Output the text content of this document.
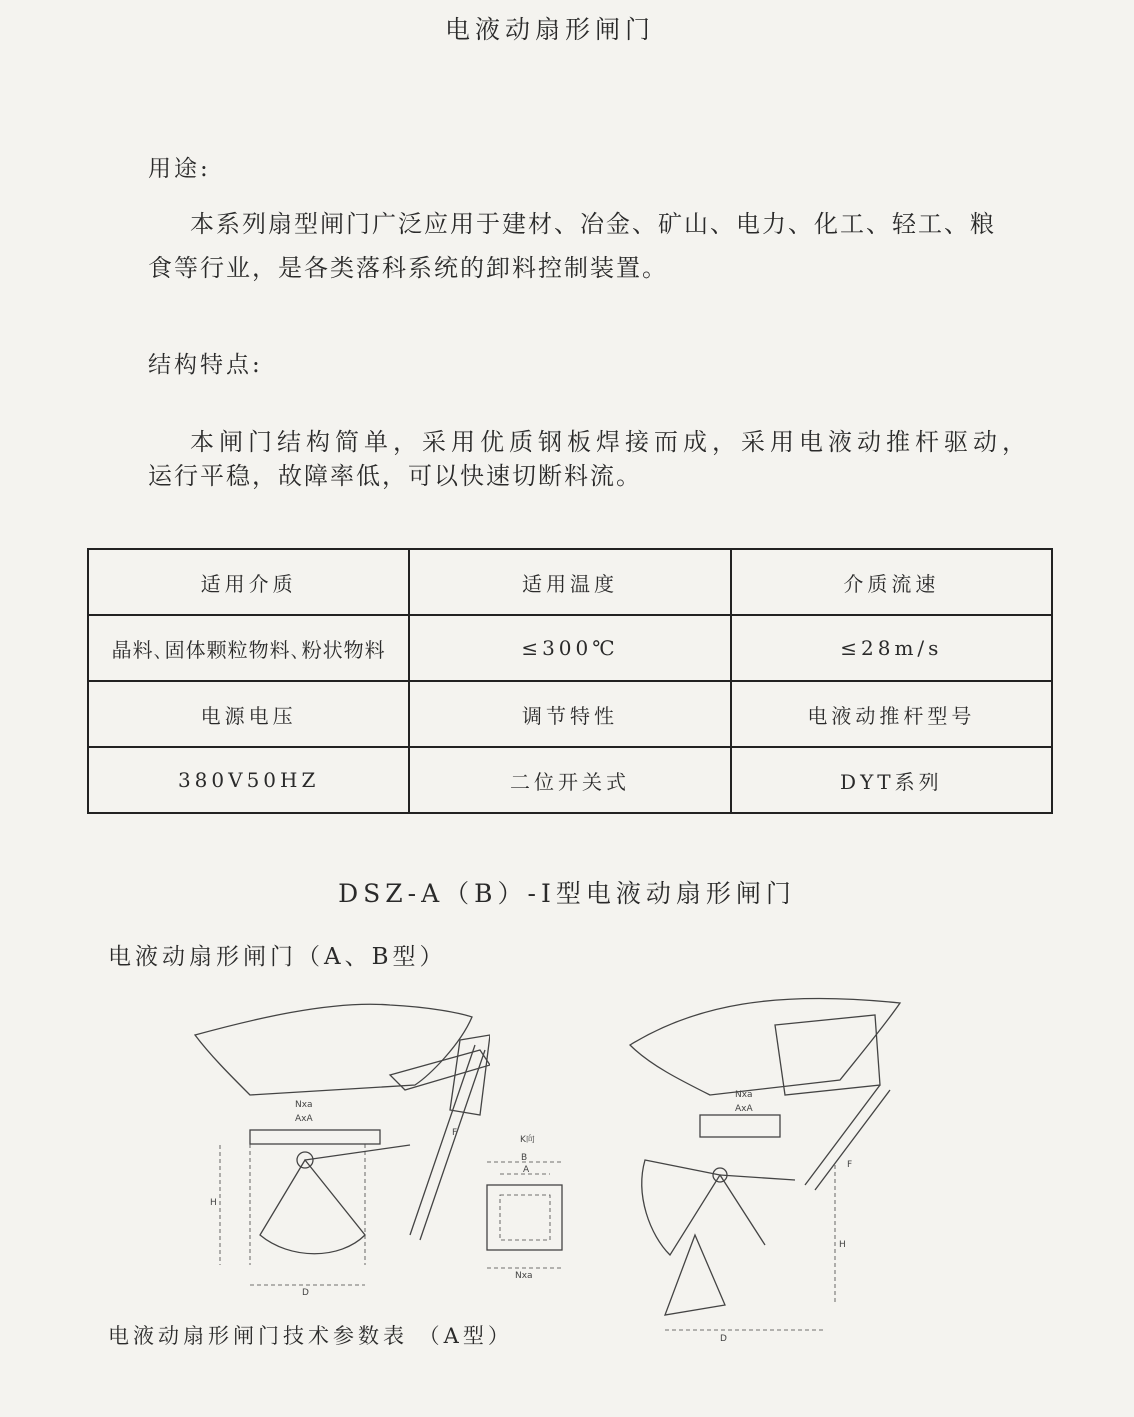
电液动扇形闸门
用途:
本系列扇型闸门广泛应用于建材、冶金、矿山、电力、化工、轻工、粮
食等行业，是各类落科系统的卸料控制装置。
结构特点:
本闸门结构简单，采用优质钢板焊接而成，采用电液动推杆驱动，
运行平稳，故障率低，可以快速切断料流。
适用介质	适用温度	介质流速
晶料､固体颗粒物料､粉状物料	≤300℃	≤28m/s
电源电压	调节特性	电液动推杆型号
380V50HZ	二位开关式	DYT系列
DSZ-A（B）-Ⅰ型电液动扇形闸门
电液动扇形闸门（A、B型）
D
H
Nxa
AxA
F
K向
B
A
Nxa
D
H
Nxa
AxA
F
电液动扇形闸门技术参数表 （A型）
